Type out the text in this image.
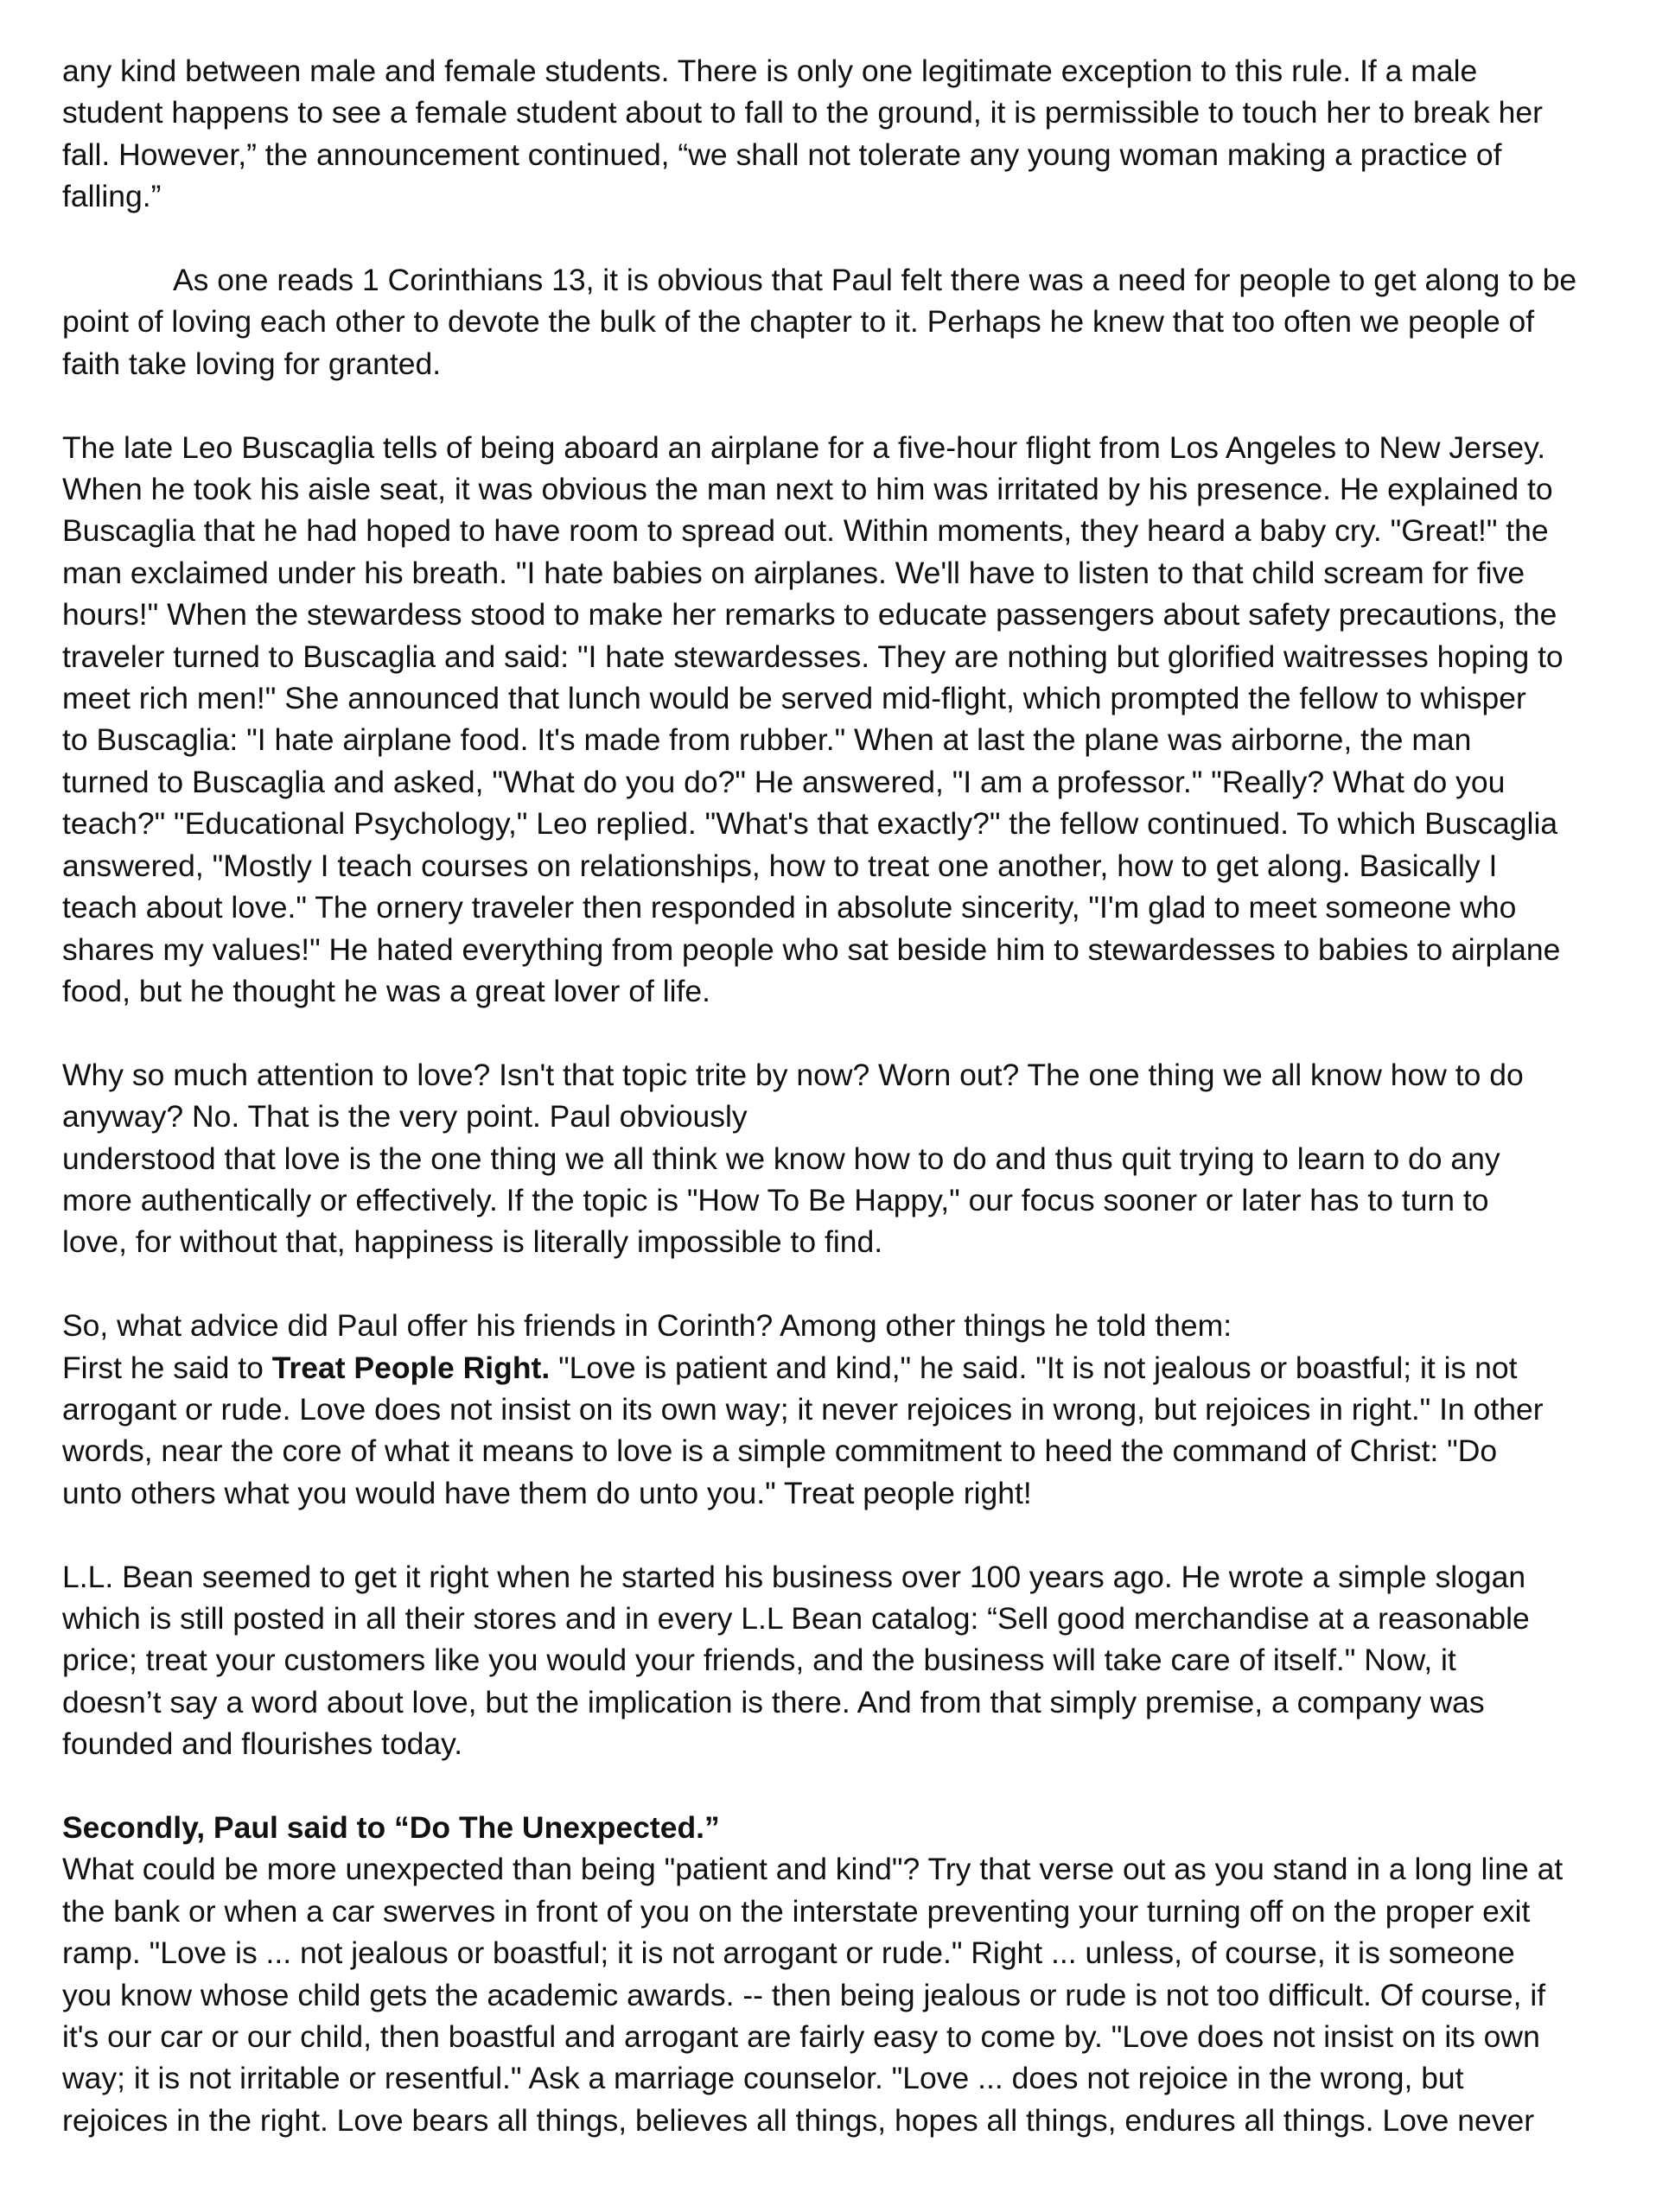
any kind between male and female students. There is only one legitimate exception to this rule. If a male
student happens to see a female student about to fall to the ground, it is permissible to touch her to break her
fall. However,” the announcement continued, “we shall not tolerate any young woman making a practice of
falling.”
As one reads 1 Corinthians 13, it is obvious that Paul felt there was a need for people to get along to be
point of loving each other to devote the bulk of the chapter to it. Perhaps he knew that too often we people of
faith take loving for granted.
The late Leo Buscaglia tells of being aboard an airplane for a five-hour flight from Los Angeles to New Jersey.
When he took his aisle seat, it was obvious the man next to him was irritated by his presence. He explained to
Buscaglia that he had hoped to have room to spread out. Within moments, they heard a baby cry. "Great!" the
man exclaimed under his breath. "I hate babies on airplanes. We'll have to listen to that child scream for five
hours!" When the stewardess stood to make her remarks to educate passengers about safety precautions, the
traveler turned to Buscaglia and said: "I hate stewardesses. They are nothing but glorified waitresses hoping to
meet rich men!" She announced that lunch would be served mid-flight, which prompted the fellow to whisper
to Buscaglia: "I hate airplane food. It's made from rubber." When at last the plane was airborne, the man
turned to Buscaglia and asked, "What do you do?" He answered, "I am a professor." "Really? What do you
teach?" "Educational Psychology," Leo replied. "What's that exactly?" the fellow continued. To which Buscaglia
answered, "Mostly I teach courses on relationships, how to treat one another, how to get along. Basically I
teach about love." The ornery traveler then responded in absolute sincerity, "I'm glad to meet someone who
shares my values!" He hated everything from people who sat beside him to stewardesses to babies to airplane
food, but he thought he was a great lover of life.
Why so much attention to love? Isn't that topic trite by now? Worn out? The one thing we all know how to do
anyway? No. That is the very point. Paul obviously
understood that love is the one thing we all think we know how to do and thus quit trying to learn to do any
more authentically or effectively. If the topic is "How To Be Happy," our focus sooner or later has to turn to
love, for without that, happiness is literally impossible to find.
So, what advice did Paul offer his friends in Corinth? Among other things he told them:
First he said to Treat People Right. "Love is patient and kind," he said. "It is not jealous or boastful; it is not
arrogant or rude. Love does not insist on its own way; it never rejoices in wrong, but rejoices in right." In other
words, near the core of what it means to love is a simple commitment to heed the command of Christ: "Do
unto others what you would have them do unto you." Treat people right!
L.L. Bean seemed to get it right when he started his business over 100 years ago. He wrote a simple slogan
which is still posted in all their stores and in every L.L Bean catalog: “Sell good merchandise at a reasonable
price; treat your customers like you would your friends, and the business will take care of itself." Now, it
doesn’t say a word about love, but the implication is there. And from that simply premise, a company was
founded and flourishes today.
Secondly, Paul said to “Do The Unexpected.”
What could be more unexpected than being "patient and kind"? Try that verse out as you stand in a long line at
the bank or when a car swerves in front of you on the interstate preventing your turning off on the proper exit
ramp. "Love is ... not jealous or boastful; it is not arrogant or rude." Right ... unless, of course, it is someone
you know whose child gets the academic awards. -- then being jealous or rude is not too difficult. Of course, if
it's our car or our child, then boastful and arrogant are fairly easy to come by. "Love does not insist on its own
way; it is not irritable or resentful." Ask a marriage counselor. "Love ... does not rejoice in the wrong, but
rejoices in the right. Love bears all things, believes all things, hopes all things, endures all things. Love never
